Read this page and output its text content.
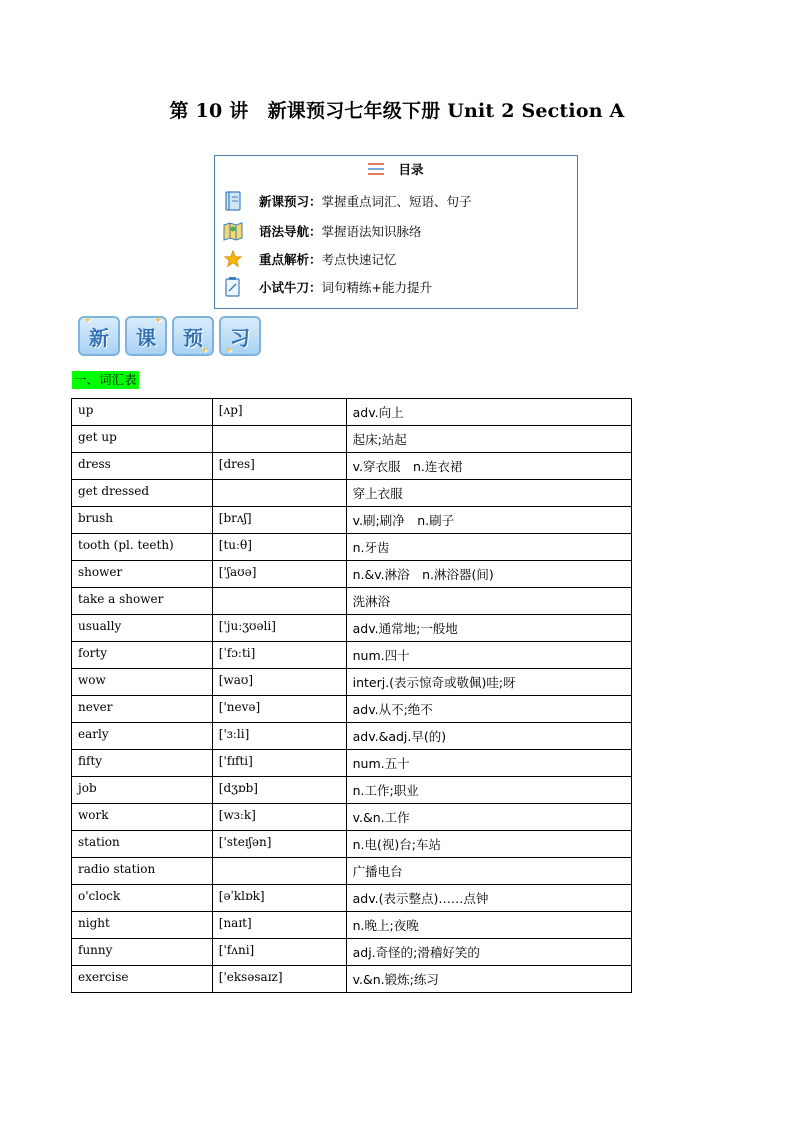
第 10 讲　新课预习七年级下册 Unit 2 Section A
目录
新课预习： 掌握重点词汇、短语、句子
语法导航： 掌握语法知识脉络
重点解析： 考点快速记忆
小试牛刀： 词句精练+能力提升
✦
新
✦
课
✦
预
✦
习
一、词汇表
up	[ʌp]	adv.向上
get up		起床;站起
dress	[dres]	v.穿衣服　n.连衣裙
get dressed		穿上衣服
brush	[brʌʃ]	v.刷;刷净　n.刷子
tooth (pl. teeth)	[tuːθ]	n.牙齿
shower	['ʃaʊə]	n.&v.淋浴　n.淋浴器(间)
take a shower		洗淋浴
usually	['juːʒʊəli]	adv.通常地;一般地
forty	[ˈfɔːti]	num.四十
wow	[waʊ]	interj.(表示惊奇或敬佩)哇;呀
never	['nevə]	adv.从不;绝不
early	['ɜːli]	adv.&adj.早(的)
fifty	['fɪfti]	num.五十
job	[dʒɒb]	n.工作;职业
work	[wɜːk]	v.&n.工作
station	['steɪʃən]	n.电(视)台;车站
radio station		广播电台
o'clock	[əˈklɒk]	adv.(表示整点)……点钟
night	[naɪt]	n.晚上;夜晚
funny	['fʌni]	adj.奇怪的;滑稽好笑的
exercise	['eksəsaɪz]	v.&n.锻炼;练习
